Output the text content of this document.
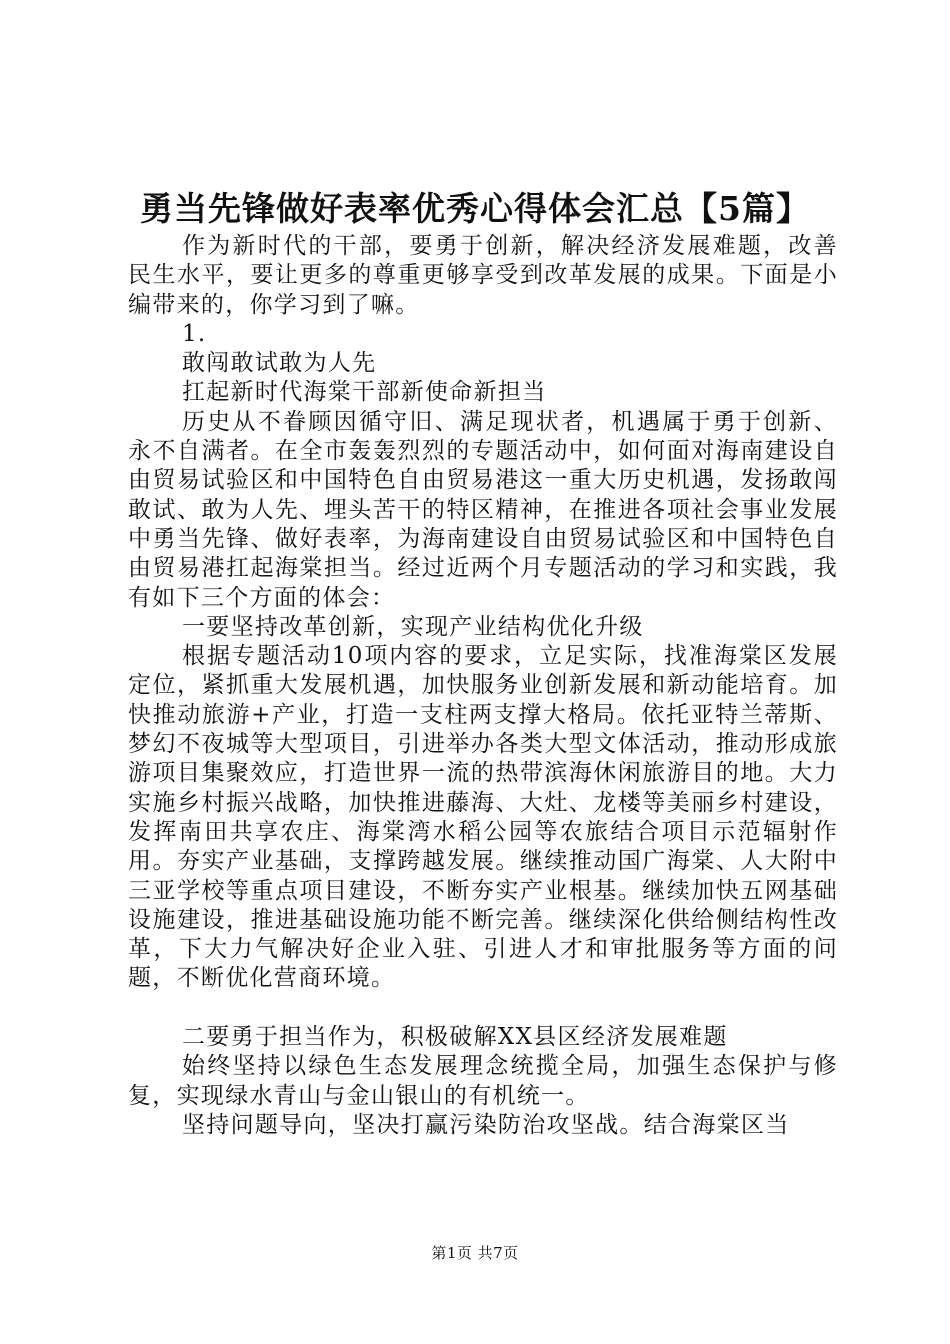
勇当先锋做好表率优秀心得体会汇总【5篇】

作为新时代的干部，要勇于创新，解决经济发展难题，改善民生水平，要让更多的尊重更够享受到改革发展的成果。下面是小编带来的，你学习到了嘛。

1.

敢闯敢试敢为人先

扛起新时代海棠干部新使命新担当

历史从不眷顾因循守旧、满足现状者，机遇属于勇于创新、永不自满者。在全市轰轰烈烈的专题活动中，如何面对海南建设自由贸易试验区和中国特色自由贸易港这一重大历史机遇，发扬敢闯敢试、敢为人先、埋头苦干的特区精神，在推进各项社会事业发展中勇当先锋、做好表率，为海南建设自由贸易试验区和中国特色自由贸易港扛起海棠担当。经过近两个月专题活动的学习和实践，我有如下三个方面的体会：

一要坚持改革创新，实现产业结构优化升级

根据专题活动10项内容的要求，立足实际，找准海棠区发展定位，紧抓重大发展机遇，加快服务业创新发展和新动能培育。加快推动旅游+产业，打造一支柱两支撑大格局。依托亚特兰蒂斯、梦幻不夜城等大型项目，引进举办各类大型文体活动，推动形成旅游项目集聚效应，打造世界一流的热带滨海休闲旅游目的地。大力实施乡村振兴战略，加快推进藤海、大灶、龙楼等美丽乡村建设，发挥南田共享农庄、海棠湾水稻公园等农旅结合项目示范辐射作用。夯实产业基础，支撑跨越发展。继续推动国广海棠、人大附中三亚学校等重点项目建设，不断夯实产业根基。继续加快五网基础设施建设，推进基础设施功能不断完善。继续深化供给侧结构性改革，下大力气解决好企业入驻、引进人才和审批服务等方面的问题，不断优化营商环境。

二要勇于担当作为，积极破解XX县区经济发展难题

始终坚持以绿色生态发展理念统揽全局，加强生态保护与修复，实现绿水青山与金山银山的有机统一。

坚持问题导向，坚决打赢污染防治攻坚战。结合海棠区当

第1页 共7页
